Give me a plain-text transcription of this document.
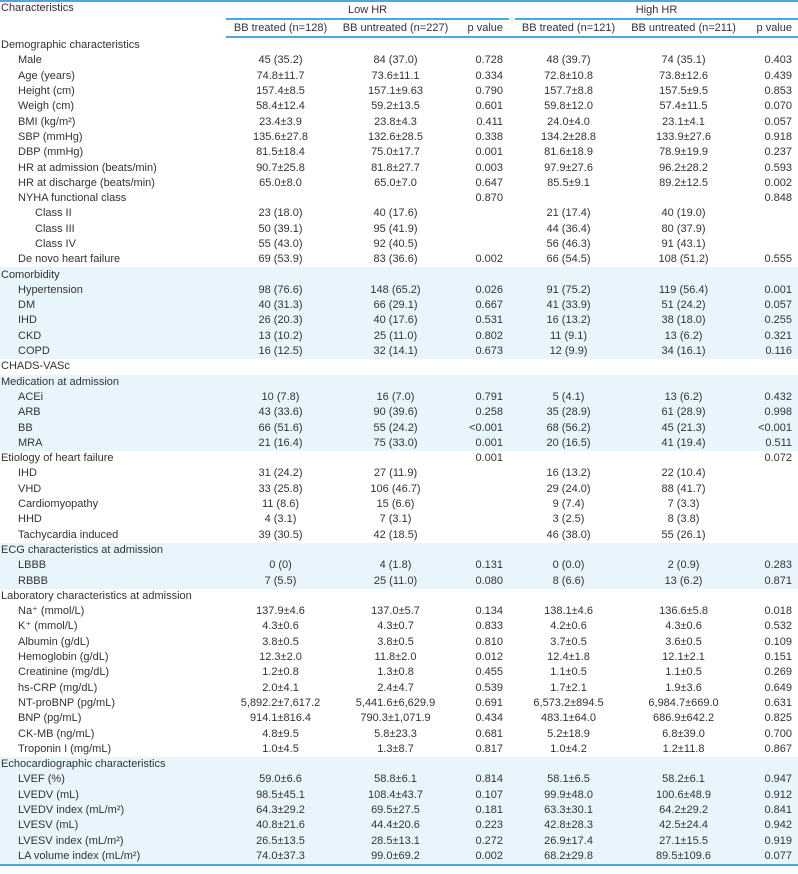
Characteristics	Low HR				High HR		
	BB treated (n=128)	BB untreated (n=227)	p value		BB treated (n=121)	BB untreated (n=211)	p value
Demographic characteristics							
Male	45 (35.2)	84 (37.0)	0.728		48 (39.7)	74 (35.1)	0.403
Age (years)	74.8±11.7	73.6±11.1	0.334		72.8±10.8	73.8±12.6	0.439
Height (cm)	157.4±8.5	157.1±9.63	0.790		157.7±8.8	157.5±9.5	0.853
Weigh (cm)	58.4±12.4	59.2±13.5	0.601		59.8±12.0	57.4±11.5	0.070
BMI (kg/m²)	23.4±3.9	23.8±4.3	0.411		24.0±4.0	23.1±4.1	0.057
SBP (mmHg)	135.6±27.8	132.6±28.5	0.338		134.2±28.8	133.9±27.6	0.918
DBP (mmHg)	81.5±18.4	75.0±17.7	0.001		81.6±18.9	78.9±19.9	0.237
HR at admission (beats/min)	90.7±25.8	81.8±27.7	0.003		97.9±27.6	96.2±28.2	0.593
HR at discharge (beats/min)	65.0±8.0	65.0±7.0	0.647		85.5±9.1	89.2±12.5	0.002
NYHA functional class			0.870				0.848
Class II	23 (18.0)	40 (17.6)			21 (17.4)	40 (19.0)	
Class III	50 (39.1)	95 (41.9)			44 (36.4)	80 (37.9)	
Class IV	55 (43.0)	92 (40.5)			56 (46.3)	91 (43.1)	
De novo heart failure	69 (53.9)	83 (36.6)	0.002		66 (54.5)	108 (51.2)	0.555
Comorbidity							
Hypertension	98 (76.6)	148 (65.2)	0.026		91 (75.2)	119 (56.4)	0.001
DM	40 (31.3)	66 (29.1)	0.667		41 (33.9)	51 (24.2)	0.057
IHD	26 (20.3)	40 (17.6)	0.531		16 (13.2)	38 (18.0)	0.255
CKD	13 (10.2)	25 (11.0)	0.802		11 (9.1)	13 (6.2)	0.321
COPD	16 (12.5)	32 (14.1)	0.673		12 (9.9)	34 (16.1)	0.116
CHADS-VASc							
Medication at admission							
ACEi	10 (7.8)	16 (7.0)	0.791		5 (4.1)	13 (6.2)	0.432
ARB	43 (33.6)	90 (39.6)	0.258		35 (28.9)	61 (28.9)	0.998
BB	66 (51.6)	55 (24.2)	<0.001		68 (56.2)	45 (21.3)	<0.001
MRA	21 (16.4)	75 (33.0)	0.001		20 (16.5)	41 (19.4)	0.511
Etiology of heart failure			0.001				0.072
IHD	31 (24.2)	27 (11.9)			16 (13.2)	22 (10.4)	
VHD	33 (25.8)	106 (46.7)			29 (24.0)	88 (41.7)	
Cardiomyopathy	11 (8.6)	15 (6.6)			9 (7.4)	7 (3.3)	
HHD	4 (3.1)	7 (3.1)			3 (2.5)	8 (3.8)	
Tachycardia induced	39 (30.5)	42 (18.5)			46 (38.0)	55 (26.1)	
ECG characteristics at admission							
LBBB	0 (0)	4 (1.8)	0.131		0 (0.0)	2 (0.9)	0.283
RBBB	7 (5.5)	25 (11.0)	0.080		8 (6.6)	13 (6.2)	0.871
Laboratory characteristics at admission							
Na⁺ (mmol/L)	137.9±4.6	137.0±5.7	0.134		138.1±4.6	136.6±5.8	0.018
K⁺ (mmol/L)	4.3±0.6	4.3±0.7	0.833		4.2±0.6	4.3±0.6	0.532
Albumin (g/dL)	3.8±0.5	3.8±0.5	0.810		3.7±0.5	3.6±0.5	0.109
Hemoglobin (g/dL)	12.3±2.0	11.8±2.0	0.012		12.4±1.8	12.1±2.1	0.151
Creatinine (mg/dL)	1.2±0.8	1.3±0.8	0.455		1.1±0.5	1.1±0.5	0.269
hs-CRP (mg/dL)	2.0±4.1	2.4±4.7	0.539		1.7±2.1	1.9±3.6	0.649
NT-proBNP (pg/mL)	5,892.2±7,617.2	5,441.6±6,629.9	0.691		6,573.2±894.5	6,984.7±669.0	0.631
BNP (pg/mL)	914.1±816.4	790.3±1,071.9	0.434		483.1±64.0	686.9±642.2	0.825
CK-MB (ng/mL)	4.8±9.5	5.8±23.3	0.681		5.2±18.9	6.8±39.0	0.700
Troponin I (mg/mL)	1.0±4.5	1.3±8.7	0.817		1.0±4.2	1.2±11.8	0.867
Echocardiographic characteristics							
LVEF (%)	59.0±6.6	58.8±6.1	0.814		58.1±6.5	58.2±6.1	0.947
LVEDV (mL)	98.5±45.1	108.4±43.7	0.107		99.9±48.0	100.6±48.9	0.912
LVEDV index (mL/m²)	64.3±29.2	69.5±27.5	0.181		63.3±30.1	64.2±29.2	0.841
LVESV (mL)	40.8±21.6	44.4±20.6	0.223		42.8±28.3	42.5±24.4	0.942
LVESV index (mL/m²)	26.5±13.5	28.5±13.1	0.272		26.9±17.4	27.1±15.5	0.919
LA volume index (mL/m²)	74.0±37.3	99.0±69.2	0.002		68.2±29.8	89.5±109.6	0.077
